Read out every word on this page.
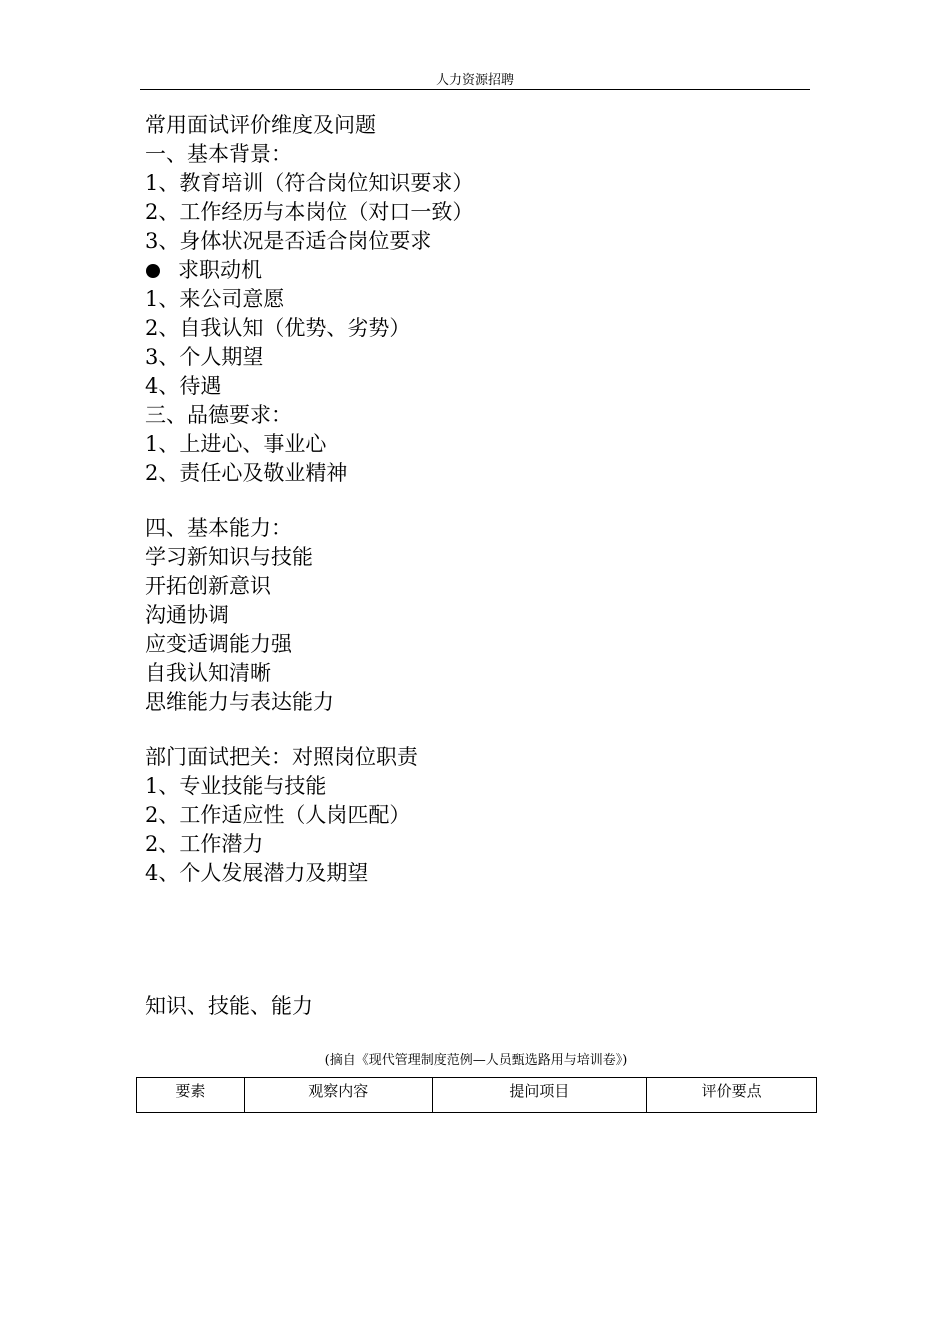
人力资源招聘
常用面试评价维度及问题
一、基本背景：
1、教育培训（符合岗位知识要求）
2、工作经历与本岗位（对口一致）
3、身体状况是否适合岗位要求
求职动机
1、来公司意愿
2、自我认知（优势、劣势）
3、个人期望
4、待遇
三、品德要求：
1、上进心、事业心
2、责任心及敬业精神
四、基本能力：
学习新知识与技能
开拓创新意识
沟通协调
应变适调能力强
自我认知清晰
思维能力与表达能力
部门面试把关：对照岗位职责
1、专业技能与技能
2、工作适应性（人岗匹配）
2、工作潜力
4、个人发展潜力及期望
知识、技能、能力
(摘自《现代管理制度范例—人员甄选路用与培训卷》)
要素	观察内容	提问项目	评价要点
